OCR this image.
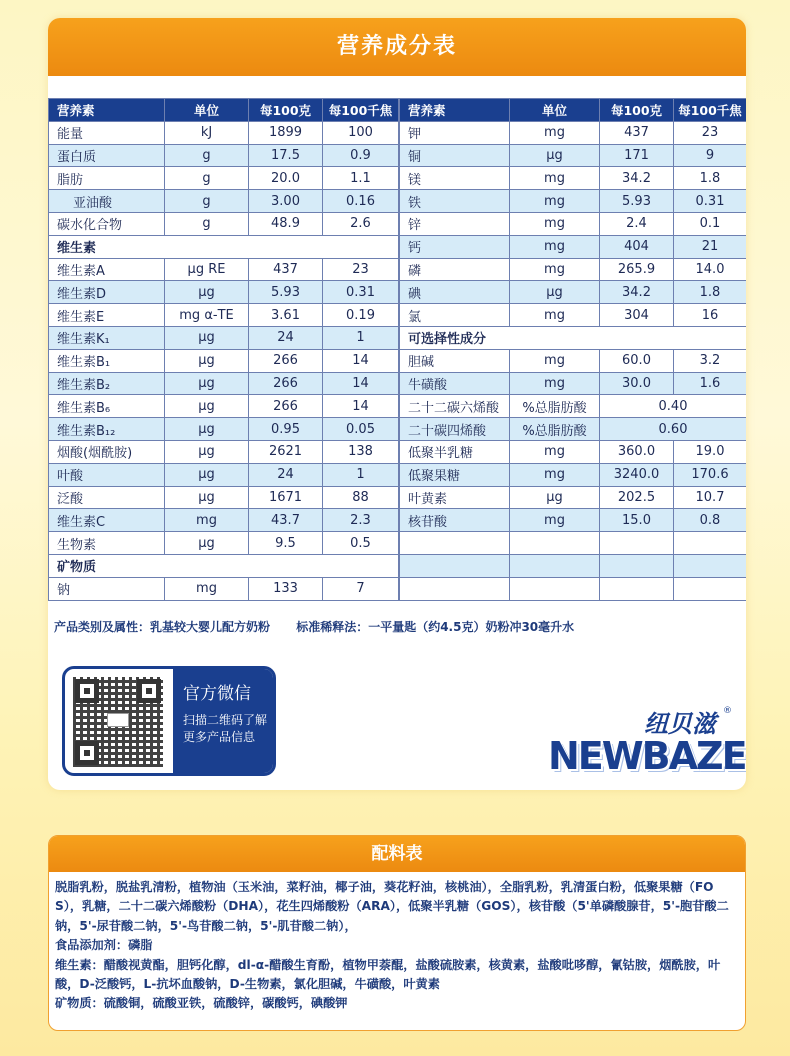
营养成分表
营养素	单位	每100克	每100千焦
能量	kJ	1899	100
蛋白质	g	17.5	0.9
脂肪	g	20.0	1.1
亚油酸	g	3.00	0.16
碳水化合物	g	48.9	2.6
维生素			
维生素A	μg RE	437	23
维生素D	μg	5.93	0.31
维生素E	mg α-TE	3.61	0.19
维生素K₁	μg	24	1
维生素B₁	μg	266	14
维生素B₂	μg	266	14
维生素B₆	μg	266	14
维生素B₁₂	μg	0.95	0.05
烟酸(烟酰胺)	μg	2621	138
叶酸	μg	24	1
泛酸	μg	1671	88
维生素C	mg	43.7	2.3
生物素	μg	9.5	0.5
矿物质			
钠	mg	133	7
营养素	单位	每100克	每100千焦
钾	mg	437	23
铜	μg	171	9
镁	mg	34.2	1.8
铁	mg	5.93	0.31
锌	mg	2.4	0.1
钙	mg	404	21
磷	mg	265.9	14.0
碘	μg	34.2	1.8
氯	mg	304	16
可选择性成分			
胆碱	mg	60.0	3.2
牛磺酸	mg	30.0	1.6
二十二碳六烯酸	%总脂肪酸	0.40	
二十碳四烯酸	%总脂肪酸	0.60	
低聚半乳糖	mg	360.0	19.0
低聚果糖	mg	3240.0	170.6
叶黄素	μg	202.5	10.7
核苷酸	mg	15.0	0.8

产品类别及属性：乳基较大婴儿配方奶粉 标准稀释法：一平量匙（约4.5克）奶粉冲30毫升水
官方微信
扫描二维码了解更多产品信息	纽贝滋 ®
NEWBAZE
配料表

脱脂乳粉，脱盐乳清粉，植物油（玉米油，菜籽油，椰子油，葵花籽油，核桃油），全脂乳粉，乳清蛋白粉，低聚果糖（FOS），乳糖，二十二碳六烯酸粉（DHA），花生四烯酸粉（ARA），低聚半乳糖（GOS），核苷酸（5'单磷酸腺苷，5'-胞苷酸二钠，5'-尿苷酸二钠，5'-鸟苷酸二钠，5'-肌苷酸二钠），

食品添加剂：磷脂

维生素：醋酸视黄酯，胆钙化醇，dl-α-醋酸生育酚，植物甲萘醌，盐酸硫胺素，核黄素，盐酸吡哆醇，氰钴胺，烟酰胺，叶酸，D-泛酸钙，L-抗坏血酸钠，D-生物素，氯化胆碱，牛磺酸，叶黄素

矿物质：硫酸铜，硫酸亚铁，硫酸锌，碳酸钙，碘酸钾
